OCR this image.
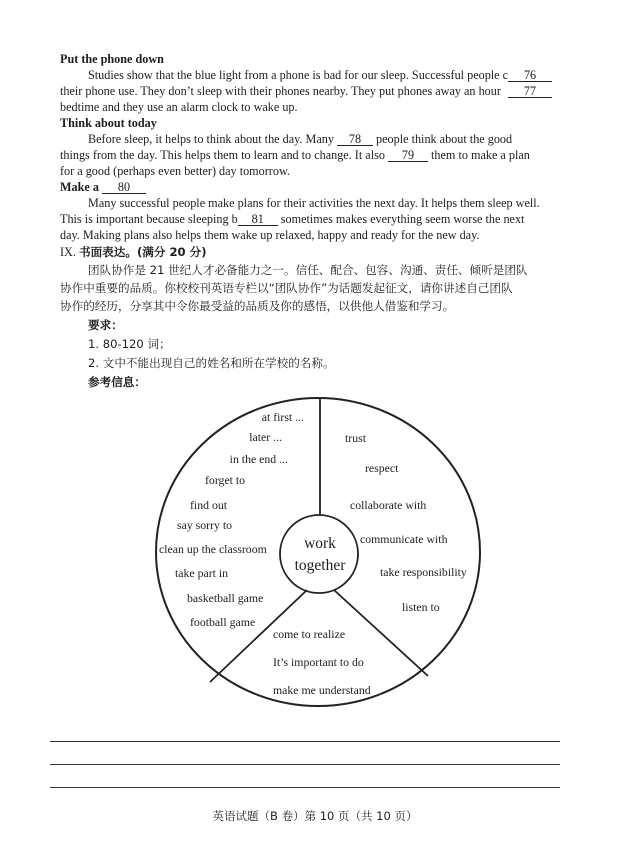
Put the phone down
Studies show that the blue light from a phone is bad for our sleep. Successful people c 76
their phone use. They don’t sleep with their phones nearby. They put phones away an hour 77
bedtime and they use an alarm clock to wake up.
Think about today
Before sleep, it helps to think about the day. Many 78 people think about the good
things from the day. This helps them to learn and to change. It also 79 them to make a plan
for a good (perhaps even better) day tomorrow.
Make a 80
Many successful people make plans for their activities the next day. It helps them sleep well.
This is important because sleeping b 81 sometimes makes everything seem worse the next
day. Making plans also helps them wake up relaxed, happy and ready for the new day.
IX. 书面表达。(满分 20 分)
团队协作是 21 世纪人才必备能力之一。信任、配合、包容、沟通、责任、倾听是团队
协作中重要的品质。你校校刊英语专栏以“团队协作”为话题发起征文，请你讲述自己团队
协作的经历，分享其中令你最受益的品质及你的感悟，以供他人借鉴和学习。
要求：
1. 80-120 词；
2. 文中不能出现自己的姓名和所在学校的名称。
参考信息：
work
together
at first ...
later ...
in the end ...
forget to
find out
say sorry to
clean up the classroom
take part in
basketball game
football game
trust
respect
collaborate with
communicate with
take responsibility
listen to
come to realize
It’s important to do
make me understand
英语试题（B 卷）第 10 页（共 10 页）
